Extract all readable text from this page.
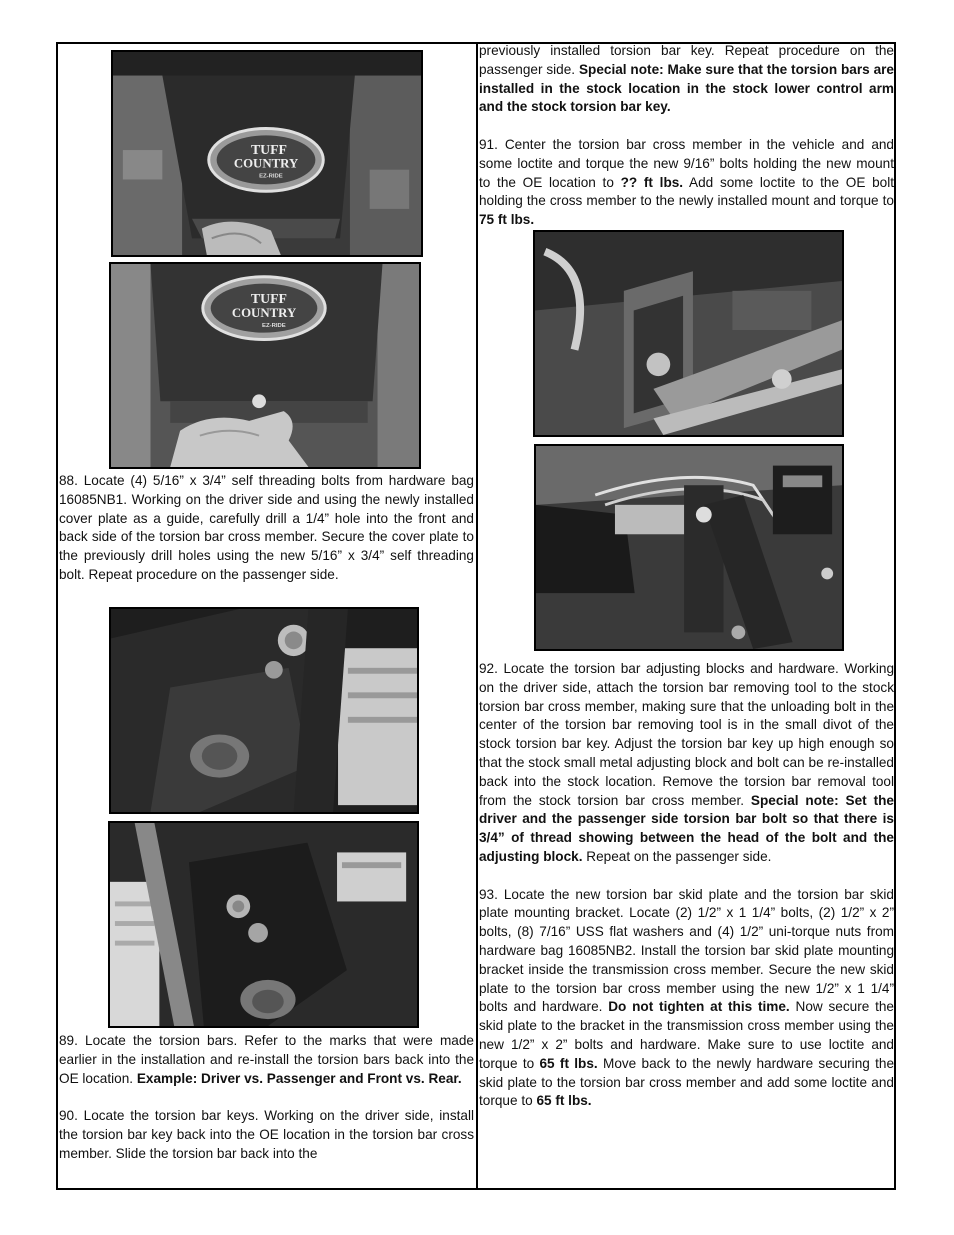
TUFF
COUNTRY
EZ-RIDE
TUFF
COUNTRY
EZ-RIDE

88. Locate (4) 5/16” x 3/4” self threading bolts from hardware bag 16085NB1. Working on the driver side and using the newly installed cover plate as a guide, carefully drill a 1/4” hole into the front and back side of the torsion bar cross member. Secure the cover plate to the previously drill holes using the new 5/16” x 3/4” self threading bolt. Repeat procedure on the passenger side.

89. Locate the torsion bars. Refer to the marks that were made earlier in the installation and re-install the torsion bars back into the OE location. Example: Driver vs. Passenger and Front vs. Rear.

90. Locate the torsion bar keys. Working on the driver side, install the torsion bar key back into the OE location in the torsion bar cross member. Slide the torsion bar back into the

previously installed torsion bar key. Repeat procedure on the passenger side. Special note: Make sure that the torsion bars are installed in the stock location in the stock lower control arm and the stock torsion bar key.

91. Center the torsion bar cross member in the vehicle and and some loctite and torque the new 9/16” bolts holding the new mount to the OE location to ?? ft lbs. Add some loctite to the OE bolt holding the cross member to the newly installed mount and torque to 75 ft lbs.

92. Locate the torsion bar adjusting blocks and hardware. Working on the driver side, attach the torsion bar removing tool to the stock torsion bar cross member, making sure that the unloading bolt in the center of the torsion bar removing tool is in the small divot of the stock torsion bar key. Adjust the torsion bar key up high enough so that the stock small metal adjusting block and bolt can be re-installed back into the stock location. Remove the torsion bar removal tool from the stock torsion bar cross member. Special note: Set the driver and the passenger side torsion bar bolt so that there is 3/4” of thread showing between the head of the bolt and the adjusting block. Repeat on the passenger side.

93. Locate the new torsion bar skid plate and the torsion bar skid plate mounting bracket. Locate (2) 1/2” x 1 1/4” bolts, (2) 1/2” x 2” bolts, (8) 7/16” USS flat washers and (4) 1/2” uni-torque nuts from hardware bag 16085NB2. Install the torsion bar skid plate mounting bracket inside the transmission cross member. Secure the new skid plate to the torsion bar cross member using the new 1/2” x 1 1/4” bolts and hardware. Do not tighten at this time. Now secure the skid plate to the bracket in the transmission cross member using the new 1/2” x 2” bolts and hardware. Make sure to use loctite and torque to 65 ft lbs. Move back to the newly hardware securing the skid plate to the torsion bar cross member and add some loctite and torque to 65 ft lbs.
